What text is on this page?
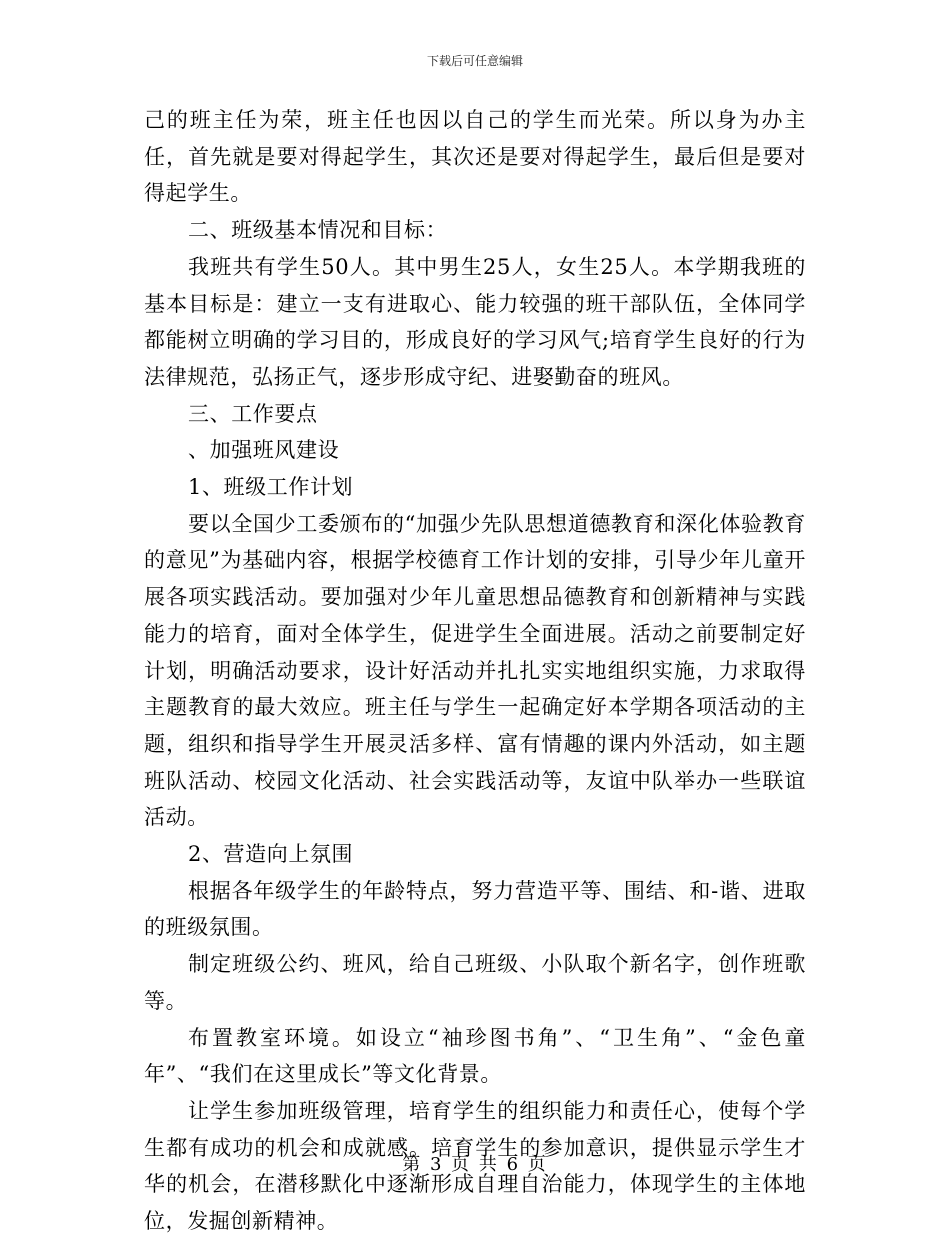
下载后可任意编辑

己的班主任为荣，班主任也因以自己的学生而光荣。所以身为办主任，首先就是要对得起学生，其次还是要对得起学生，最后但是要对得起学生。

二、班级基本情况和目标：

我班共有学生50人。其中男生25人，女生25人。本学期我班的基本目标是：建立一支有进取心、能力较强的班干部队伍，全体同学都能树立明确的学习目的，形成良好的学习风气;培育学生良好的行为法律规范，弘扬正气，逐步形成守纪、进娶勤奋的班风。

三、工作要点

、加强班风建设

1、班级工作计划

要以全国少工委颁布的“加强少先队思想道德教育和深化体验教育的意见”为基础内容，根据学校德育工作计划的安排，引导少年儿童开展各项实践活动。要加强对少年儿童思想品德教育和创新精神与实践能力的培育，面对全体学生，促进学生全面进展。活动之前要制定好计划，明确活动要求，设计好活动并扎扎实实地组织实施，力求取得主题教育的最大效应。班主任与学生一起确定好本学期各项活动的主题，组织和指导学生开展灵活多样、富有情趣的课内外活动，如主题班队活动、校园文化活动、社会实践活动等，友谊中队举办一些联谊活动。

2、营造向上氛围

根据各年级学生的年龄特点，努力营造平等、围结、和-谐、进取的班级氛围。

制定班级公约、班风，给自己班级、小队取个新名字，创作班歌等。

布置教室环境。如设立“袖珍图书角”、“卫生角”、“金色童年”、“我们在这里成长”等文化背景。

让学生参加班级管理，培育学生的组织能力和责任心，使每个学生都有成功的机会和成就感。培育学生的参加意识，提供显示学生才华的机会，在潜移默化中逐渐形成自理自治能力，体现学生的主体地位，发掘创新精神。

第 3 页 共 6 页
